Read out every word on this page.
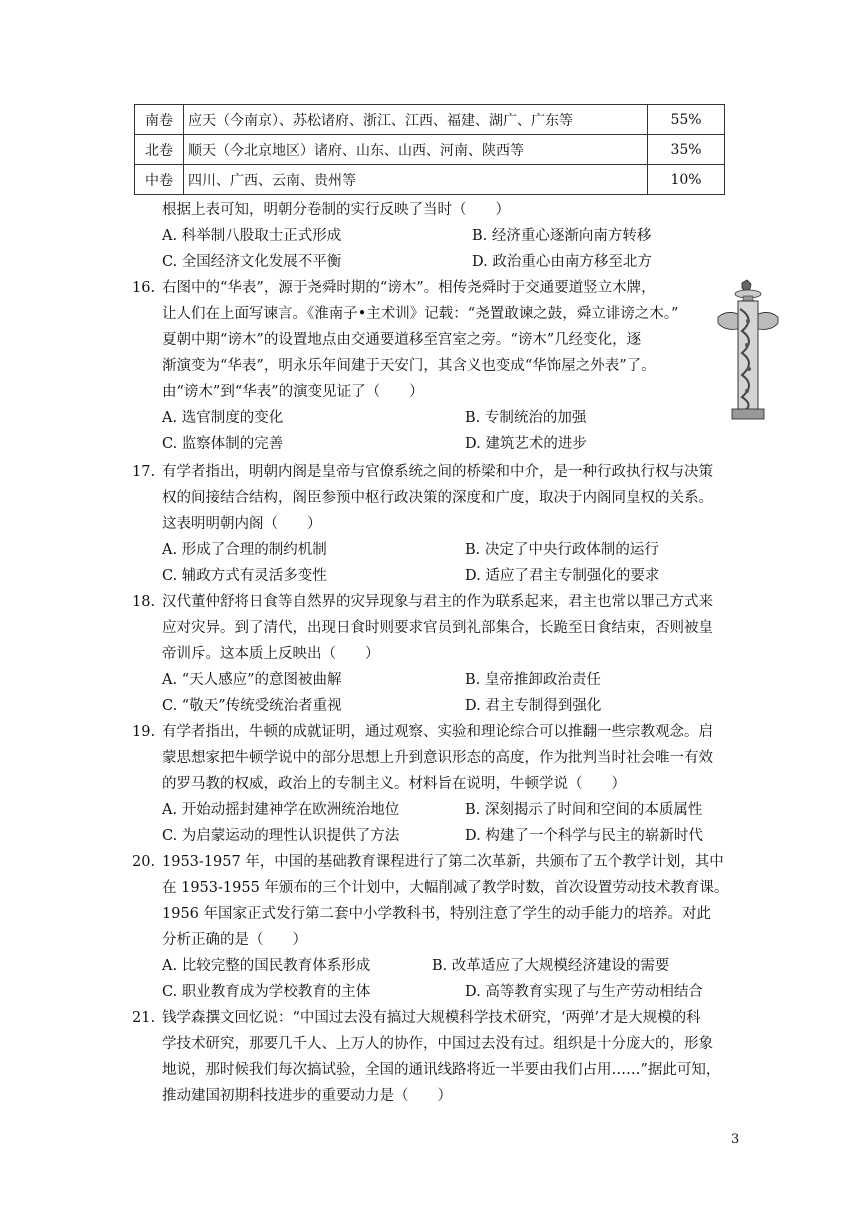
南卷	应天（今南京）、苏松诸府、浙江、江西、福建、湖广、广东等	55%
北卷	顺天（今北京地区）诸府、山东、山西、河南、陕西等	35%
中卷	四川、广西、云南、贵州等	10%
根据上表可知，明朝分卷制的实行反映了当时（　　）
A. 科举制八股取士正式形成	B. 经济重心逐渐向南方转移
C. 全国经济文化发展不平衡	D. 政治重心由南方移至北方
16. 右图中的“华表”，源于尧舜时期的“谤木”。相传尧舜时于交通要道竖立木牌，
让人们在上面写谏言。《淮南子•主术训》记载：“尧置敢谏之鼓，舜立诽谤之木。”
夏朝中期“谤木”的设置地点由交通要道移至宫室之旁。“谤木”几经变化，逐
渐演变为“华表”，明永乐年间建于天安门，其含义也变成“华饰屋之外表”了。
由“谤木”到“华表”的演变见证了（　　）
A. 选官制度的变化	B. 专制统治的加强
C. 监察体制的完善	D. 建筑艺术的进步
17. 有学者指出，明朝内阁是皇帝与官僚系统之间的桥梁和中介，是一种行政执行权与决策
权的间接结合结构，阁臣参预中枢行政决策的深度和广度，取决于内阁同皇权的关系。
这表明明朝内阁（　　）
A. 形成了合理的制约机制	B. 决定了中央行政体制的运行
C. 辅政方式有灵活多变性	D. 适应了君主专制强化的要求
18. 汉代董仲舒将日食等自然界的灾异现象与君主的作为联系起来，君主也常以罪己方式来
应对灾异。到了清代，出现日食时则要求官员到礼部集合，长跪至日食结束，否则被皇
帝训斥。这本质上反映出（　　）
A. “天人感应”的意图被曲解	B. 皇帝推卸政治责任
C. “敬天”传统受统治者重视	D. 君主专制得到强化
19. 有学者指出，牛顿的成就证明，通过观察、实验和理论综合可以推翻一些宗教观念。启
蒙思想家把牛顿学说中的部分思想上升到意识形态的高度，作为批判当时社会唯一有效
的罗马教的权威，政治上的专制主义。材料旨在说明，牛顿学说（　　）
A. 开始动摇封建神学在欧洲统治地位	B. 深刻揭示了时间和空间的本质属性
C. 为启蒙运动的理性认识提供了方法	D. 构建了一个科学与民主的崭新时代
20. 1953-1957 年，中国的基础教育课程进行了第二次革新，共颁布了五个教学计划，其中
在 1953-1955 年颁布的三个计划中，大幅削减了教学时数，首次设置劳动技术教育课。
1956 年国家正式发行第二套中小学教科书，特别注意了学生的动手能力的培养。对此
分析正确的是（　　）
A. 比较完整的国民教育体系形成	B. 改革适应了大规模经济建设的需要
C. 职业教育成为学校教育的主体	D. 高等教育实现了与生产劳动相结合
21. 钱学森撰文回忆说：“中国过去没有搞过大规模科学技术研究，‘两弹’才是大规模的科
学技术研究，那要几千人、上万人的协作，中国过去没有过。组织是十分庞大的，形象
地说，那时候我们每次搞试验，全国的通讯线路将近一半要由我们占用……”据此可知，
推动建国初期科技进步的重要动力是（　　）
3
